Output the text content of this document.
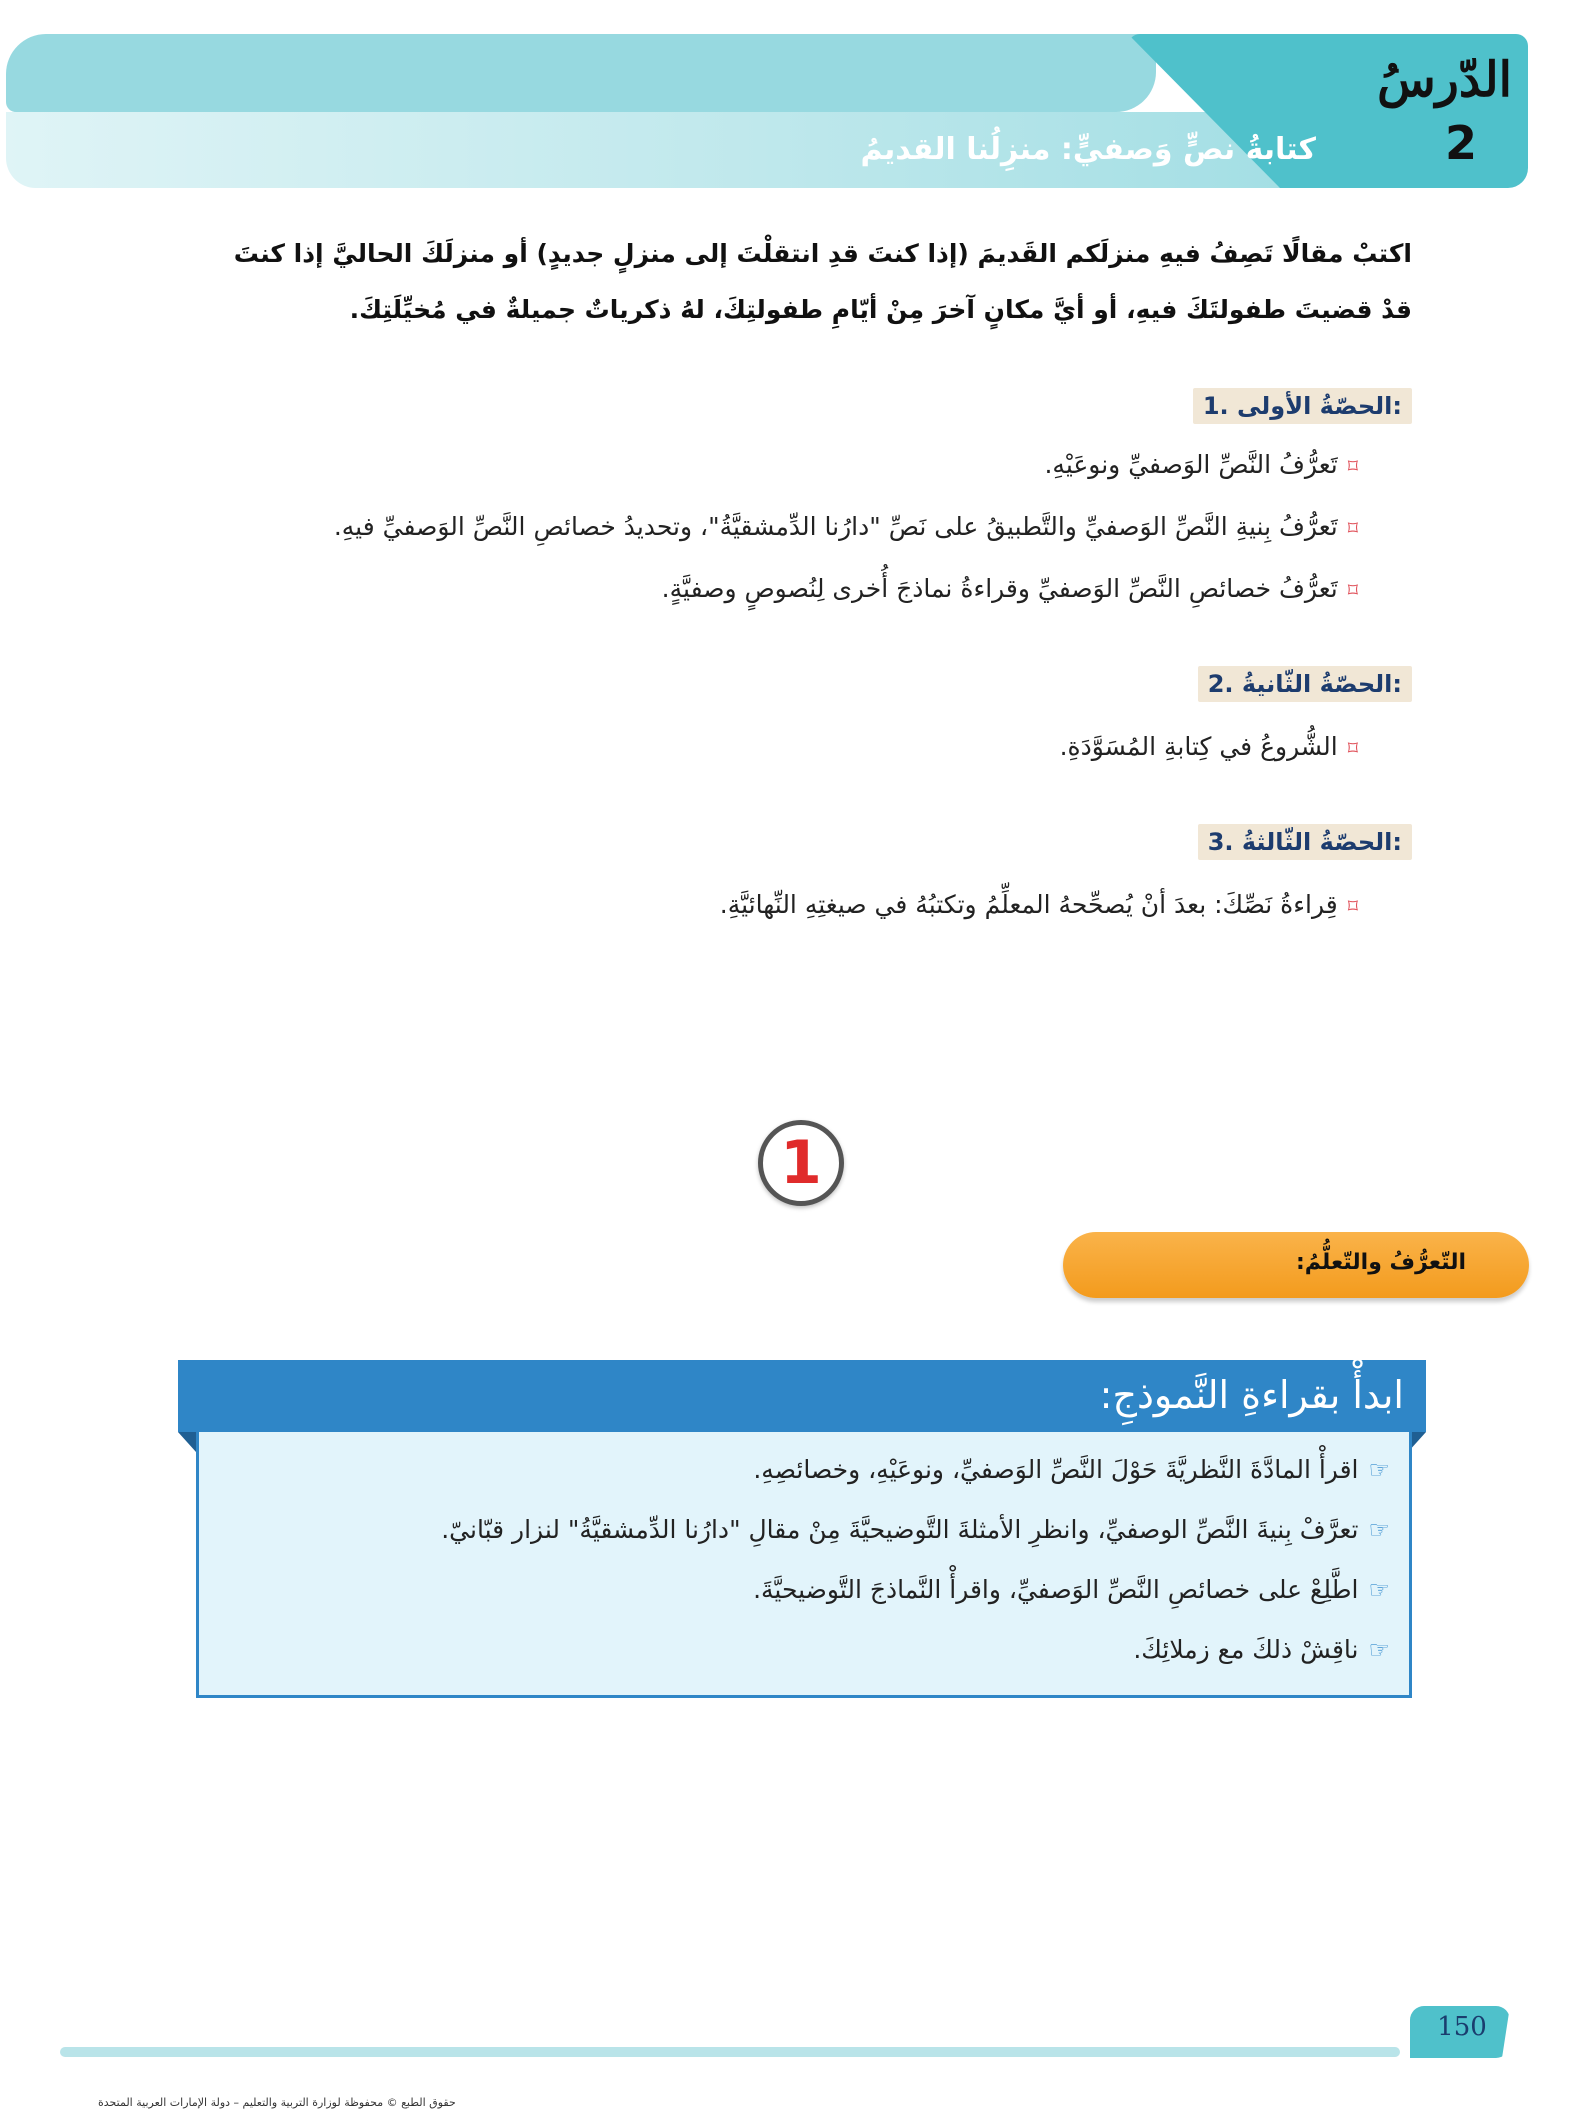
الدّرسُ
2
كتابةُ نصٍّ وَصفيٍّ: منزِلُنا القديمُ
اكتبْ مقالًا تَصِفُ فيهِ منزلَكم القَديمَ (إذا كنتَ قدِ انتقلْتَ إلى منزلٍ جديدٍ) أو منزلَكَ الحاليَّ إذا كنتَ
قدْ قضيتَ طفولتَكَ فيهِ، أو أيَّ مكانٍ آخرَ مِنْ أيّامِ طفولتِكَ، لهُ ذكرياتٌ جميلةٌ في مُخيِّلَتِكَ.
1. الحصّةُ الأولى:
⌑تَعرُّفُ النَّصِّ الوَصفيِّ ونوعَيْهِ.
⌑تَعرُّفُ بِنيةِ النَّصِّ الوَصفيِّ والتَّطبيقُ على نَصِّ "دارُنا الدِّمشقيَّةُ"، وتحديدُ خصائصِ النَّصِّ الوَصفيِّ فيهِ.
⌑تَعرُّفُ خصائصِ النَّصِّ الوَصفيِّ وقراءةُ نماذجَ أُخرى لِنُصوصٍ وصفيَّةٍ.
2. الحصّةُ الثّانيةُ:
⌑الشُّروعُ في كِتابةِ المُسَوَّدَةِ.
3. الحصّةُ الثّالثةُ:
⌑قِراءةُ نَصِّكَ: بعدَ أنْ يُصحِّحهُ المعلِّمُ وتكتبُهُ في صيغتِهِ النِّهائيَّةِ.
1
التّعرُّفُ والتّعلُّمُ:
ابدأْ بقراءةِ النَّموذجِ:
☞اقرأْ المادَّةَ النَّظريَّةَ حَوْلَ النَّصِّ الوَصفيِّ، ونوعَيْهِ، وخصائصِهِ.
☞تعرَّفْ بِنيةَ النَّصِّ الوصفيِّ، وانظرِ الأمثلةَ التَّوضيحيَّةَ مِنْ مقالِ "دارُنا الدِّمشقيَّةُ" لنزار قبّانيّ.
☞اطَّلِعْ على خصائصِ النَّصِّ الوَصفيِّ، واقرأْ النَّماذجَ التَّوضيحيَّةَ.
☞ناقِشْ ذلكَ مع زملائِكَ.
150
حقوق الطبع © محفوظة لوزارة التربية والتعليم – دولة الإمارات العربية المتحدة
